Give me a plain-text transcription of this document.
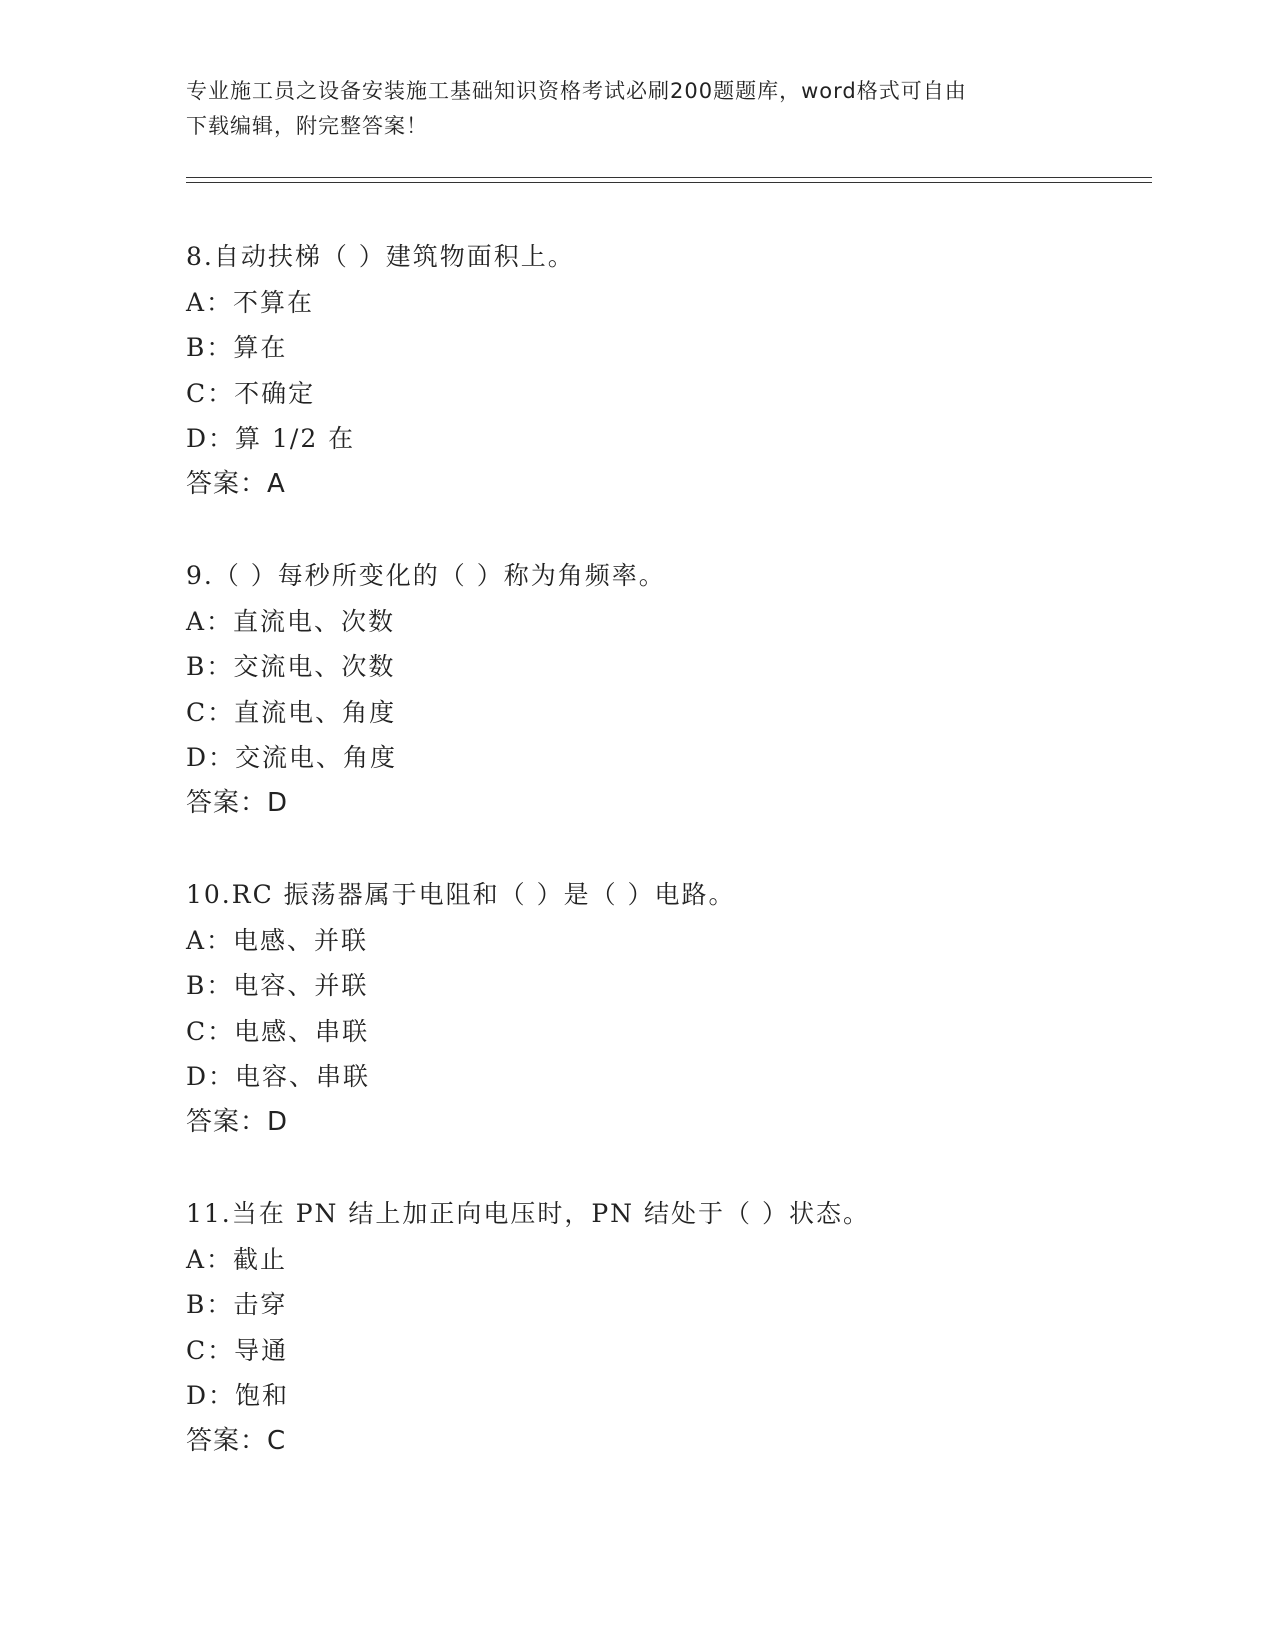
专业施工员之设备安装施工基础知识资格考试必刷200题题库，word格式可自由
下载编辑，附完整答案！
8.自动扶梯（ ）建筑物面积上。
A：不算在
B：算在
C：不确定
D：算 1/2 在
答案：A
9.（ ）每秒所变化的（ ）称为角频率。
A：直流电、次数
B：交流电、次数
C：直流电、角度
D：交流电、角度
答案：D
10.RC 振荡器属于电阻和（ ）是（ ）电路。
A：电感、并联
B：电容、并联
C：电感、串联
D：电容、串联
答案：D
11.当在 PN 结上加正向电压时，PN 结处于（ ）状态。
A：截止
B：击穿
C：导通
D：饱和
答案：C
